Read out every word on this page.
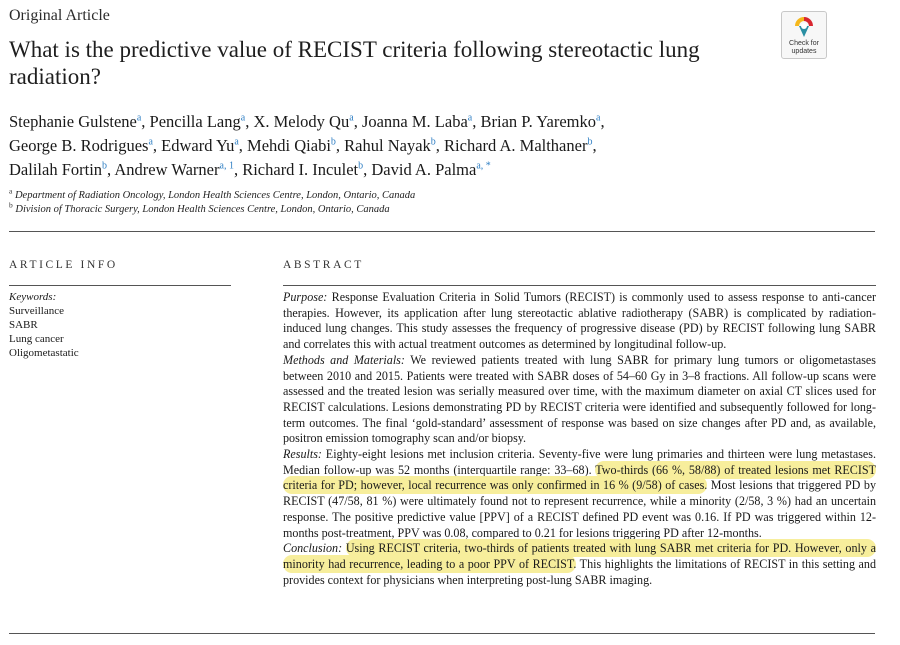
Original Article
Check for
updates
What is the predictive value of RECIST criteria following stereotactic lung radiation?
Stephanie Gulstene$^a$, Pencilla Lang$^a$, X. Melody Qu$^a$, Joanna M. Laba$^a$, Brian P. Yaremko$^a$,
George B. Rodrigues$^a$, Edward Yu$^a$, Mehdi Qiabi$^b$, Rahul Nayak$^b$, Richard A. Malthaner$^b$,
Dalilah Fortin$^b$, Andrew Warner$^{a, 1}$, Richard I. Inculet$^b$, David A. Palma$^{a, *}$
$^a$ Department of Radiation Oncology, London Health Sciences Centre, London, Ontario, Canada
$^b$ Division of Thoracic Surgery, London Health Sciences Centre, London, Ontario, Canada
ARTICLE INFO	ABSTRACT
Keywords:
Surveillance
SABR
Lung cancer
Oligometastatic

Purpose: Response Evaluation Criteria in Solid Tumors (RECIST) is commonly used to assess response to anti-cancer therapies. However, its application after lung stereotactic ablative radiotherapy (SABR) is complicated by radiation-induced lung changes. This study assesses the frequency of progressive disease (PD) by RECIST following lung SABR and correlates this with actual treatment outcomes as determined by longitudinal follow-up.

Methods and Materials: We reviewed patients treated with lung SABR for primary lung tumors or oligometastases between 2010 and 2015. Patients were treated with SABR doses of 54–60 Gy in 3–8 fractions. All follow-up scans were assessed and the treated lesion was serially measured over time, with the maximum diameter on axial CT slices used for RECIST calculations. Lesions demonstrating PD by RECIST criteria were identified and subsequently followed for long-term outcomes. The final ‘gold-standard’ assessment of response was based on size changes after PD and, as available, positron emission tomography scan and/or biopsy.

Results: Eighty-eight lesions met inclusion criteria. Seventy-five were lung primaries and thirteen were lung metastases. Median follow-up was 52 months (interquartile range: 33–68). Two-thirds (66 %, 58/88) of treated lesions met RECIST criteria for PD; however, local recurrence was only confirmed in 16 % (9/58) of cases. Most lesions that triggered PD by RECIST (47/58, 81 %) were ultimately found not to represent recurrence, while a minority (2/58, 3 %) had an uncertain response. The positive predictive value [PPV] of a RECIST defined PD event was 0.16. If PD was triggered within 12-months post-treatment, PPV was 0.08, compared to 0.21 for lesions triggering PD after 12-months.

Conclusion: Using RECIST criteria, two-thirds of patients treated with lung SABR met criteria for PD. However, only a minority had recurrence, leading to a poor PPV of RECIST. This highlights the limitations of RECIST in this setting and provides context for physicians when interpreting post-lung SABR imaging.
